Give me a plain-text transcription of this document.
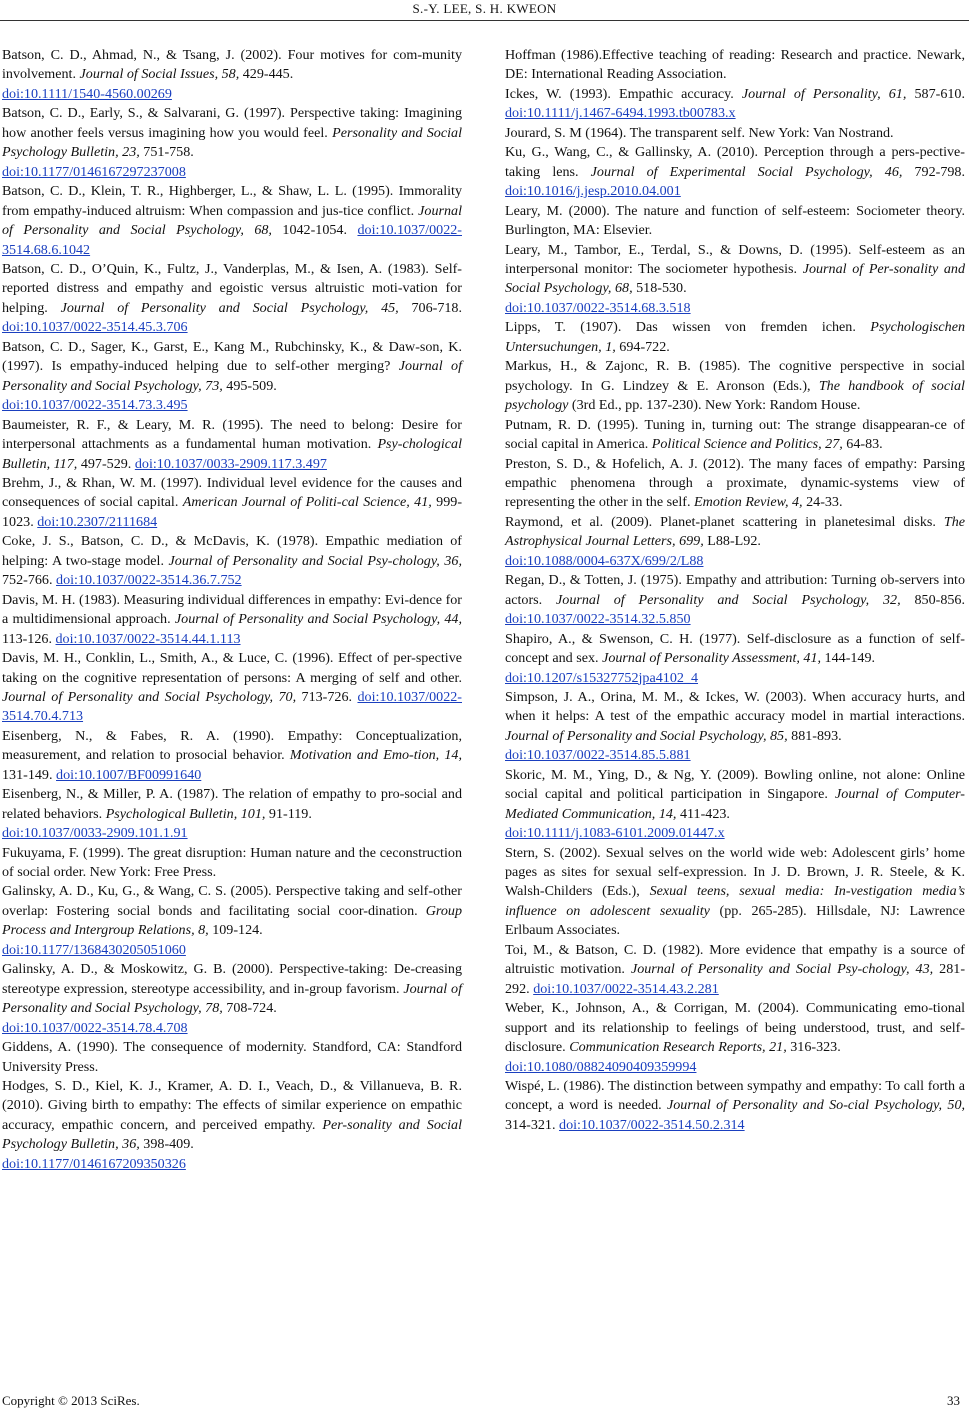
S.-Y. LEE, S. H. KWEON
Batson, C. D., Ahmad, N., & Tsang, J. (2002). Four motives for com-munity involvement. Journal of Social Issues, 58, 429-445.
doi:10.1111/1540-4560.00269
Batson, C. D., Early, S., & Salvarani, G. (1997). Perspective taking: Imagining how another feels versus imagining how you would feel. Personality and Social Psychology Bulletin, 23, 751-758.
doi:10.1177/0146167297237008
Batson, C. D., Klein, T. R., Highberger, L., & Shaw, L. L. (1995). Immorality from empathy-induced altruism: When compassion and jus-tice conflict. Journal of Personality and Social Psychology, 68, 1042-1054. doi:10.1037/0022-3514.68.6.1042
Batson, C. D., O’Quin, K., Fultz, J., Vanderplas, M., & Isen, A. (1983). Self-reported distress and empathy and egoistic versus altruistic moti-vation for helping. Journal of Personality and Social Psychology, 45, 706-718. doi:10.1037/0022-3514.45.3.706
Batson, C. D., Sager, K., Garst, E., Kang M., Rubchinsky, K., & Daw-son, K. (1997). Is empathy-induced helping due to self-other merging? Journal of Personality and Social Psychology, 73, 495-509.
doi:10.1037/0022-3514.73.3.495
Baumeister, R. F., & Leary, M. R. (1995). The need to belong: Desire for interpersonal attachments as a fundamental human motivation. Psy-chological Bulletin, 117, 497-529. doi:10.1037/0033-2909.117.3.497
Brehm, J., & Rhan, W. M. (1997). Individual level evidence for the causes and consequences of social capital. American Journal of Politi-cal Science, 41, 999-1023. doi:10.2307/2111684
Coke, J. S., Batson, C. D., & McDavis, K. (1978). Empathic mediation of helping: A two-stage model. Journal of Personality and Social Psy-chology, 36, 752-766. doi:10.1037/0022-3514.36.7.752
Davis, M. H. (1983). Measuring individual differences in empathy: Evi-dence for a multidimensional approach. Journal of Personality and Social Psychology, 44, 113-126. doi:10.1037/0022-3514.44.1.113
Davis, M. H., Conklin, L., Smith, A., & Luce, C. (1996). Effect of per-spective taking on the cognitive representation of persons: A merging of self and other. Journal of Personality and Social Psychology, 70, 713-726. doi:10.1037/0022-3514.70.4.713
Eisenberg, N., & Fabes, R. A. (1990). Empathy: Conceptualization, measurement, and relation to prosocial behavior. Motivation and Emo-tion, 14, 131-149. doi:10.1007/BF00991640
Eisenberg, N., & Miller, P. A. (1987). The relation of empathy to pro-social and related behaviors. Psychological Bulletin, 101, 91-119.
doi:10.1037/0033-2909.101.1.91
Fukuyama, F. (1999). The great disruption: Human nature and the ceconstruction of social order. New York: Free Press.
Galinsky, A. D., Ku, G., & Wang, C. S. (2005). Perspective taking and self-other overlap: Fostering social bonds and facilitating social coor-dination. Group Process and Intergroup Relations, 8, 109-124.
doi:10.1177/1368430205051060
Galinsky, A. D., & Moskowitz, G. B. (2000). Perspective-taking: De-creasing stereotype expression, stereotype accessibility, and in-group favorism. Journal of Personality and Social Psychology, 78, 708-724.
doi:10.1037/0022-3514.78.4.708
Giddens, A. (1990). The consequence of modernity. Standford, CA: Standford University Press.
Hodges, S. D., Kiel, K. J., Kramer, A. D. I., Veach, D., & Villanueva, B. R. (2010). Giving birth to empathy: The effects of similar experience on empathic accuracy, empathic concern, and perceived empathy. Per-sonality and Social Psychology Bulletin, 36, 398-409.
doi:10.1177/0146167209350326
Hoffman (1986).Effective teaching of reading: Research and practice. Newark, DE: International Reading Association.
Ickes, W. (1993). Empathic accuracy. Journal of Personality, 61, 587-610. doi:10.1111/j.1467-6494.1993.tb00783.x
Jourard, S. M (1964). The transparent self. New York: Van Nostrand.
Ku, G., Wang, C., & Gallinsky, A. (2010). Perception through a pers-pective-taking lens. Journal of Experimental Social Psychology, 46, 792-798. doi:10.1016/j.jesp.2010.04.001
Leary, M. (2000). The nature and function of self-esteem: Sociometer theory. Burlington, MA: Elsevier.
Leary, M., Tambor, E., Terdal, S., & Downs, D. (1995). Self-esteem as an interpersonal monitor: The sociometer hypothesis. Journal of Per-sonality and Social Psychology, 68, 518-530.
doi:10.1037/0022-3514.68.3.518
Lipps, T. (1907). Das wissen von fremden ichen. Psychologischen Untersuchungen, 1, 694-722.
Markus, H., & Zajonc, R. B. (1985). The cognitive perspective in social psychology. In G. Lindzey & E. Aronson (Eds.), The handbook of social psychology (3rd Ed., pp. 137-230). New York: Random House.
Putnam, R. D. (1995). Tuning in, turning out: The strange disappearan-ce of social capital in America. Political Science and Politics, 27, 64-83.
Preston, S. D., & Hofelich, A. J. (2012). The many faces of empathy: Parsing empathic phenomena through a proximate, dynamic-systems view of representing the other in the self. Emotion Review, 4, 24-33.
Raymond, et al. (2009). Planet-planet scattering in planetesimal disks. The Astrophysical Journal Letters, 699, L88-L92.
doi:10.1088/0004-637X/699/2/L88
Regan, D., & Totten, J. (1975). Empathy and attribution: Turning ob-servers into actors. Journal of Personality and Social Psychology, 32, 850-856. doi:10.1037/0022-3514.32.5.850
Shapiro, A., & Swenson, C. H. (1977). Self-disclosure as a function of self-concept and sex. Journal of Personality Assessment, 41, 144-149.
doi:10.1207/s15327752jpa4102_4
Simpson, J. A., Orina, M. M., & Ickes, W. (2003). When accuracy hurts, and when it helps: A test of the empathic accuracy model in martial interactions. Journal of Personality and Social Psychology, 85, 881-893.
doi:10.1037/0022-3514.85.5.881
Skoric, M. M., Ying, D., & Ng, Y. (2009). Bowling online, not alone: Online social capital and political participation in Singapore. Journal of Computer-Mediated Communication, 14, 411-423.
doi:10.1111/j.1083-6101.2009.01447.x
Stern, S. (2002). Sexual selves on the world wide web: Adolescent girls’ home pages as sites for sexual self-expression. In J. D. Brown, J. R. Steele, & K. Walsh-Childers (Eds.), Sexual teens, sexual media: In-vestigation media’s influence on adolescent sexuality (pp. 265-285). Hillsdale, NJ: Lawrence Erlbaum Associates.
Toi, M., & Batson, C. D. (1982). More evidence that empathy is a source of altruistic motivation. Journal of Personality and Social Psy-chology, 43, 281-292. doi:10.1037/0022-3514.43.2.281
Weber, K., Johnson, A., & Corrigan, M. (2004). Communicating emo-tional support and its relationship to feelings of being understood, trust, and self-disclosure. Communication Research Reports, 21, 316-323.
doi:10.1080/08824090409359994
Wispé, L. (1986). The distinction between sympathy and empathy: To call forth a concept, a word is needed. Journal of Personality and So-cial Psychology, 50, 314-321. doi:10.1037/0022-3514.50.2.314
Copyright © 2013 SciRes.	33
